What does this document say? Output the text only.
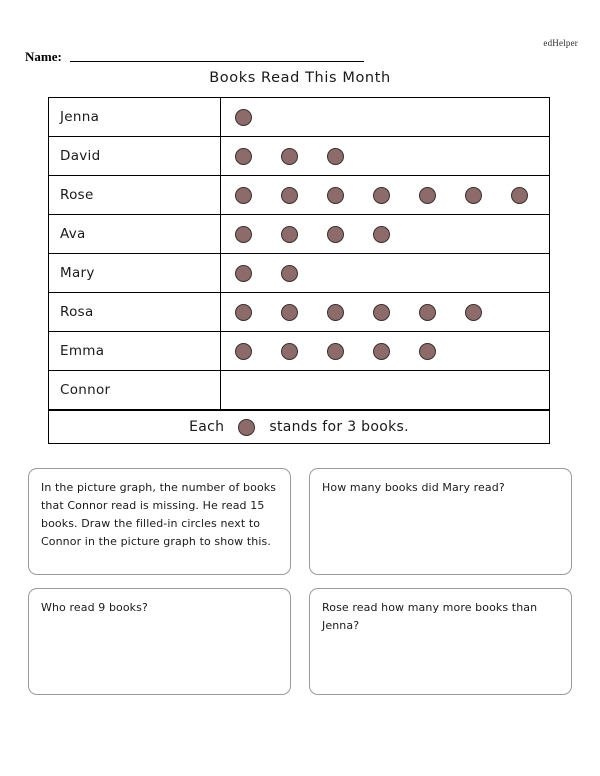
edHelper
Name:
Books Read This Month
Jenna
David
Rose
Ava
Mary
Rosa
Emma
Connor
Each	stands for 3 books.
In the picture graph, the number of books that Connor read is missing. He read 15 books. Draw the filled-in circles next to Connor in the picture graph to show this.
How many books did Mary read?
Who read 9 books?	Rose read how many more books than Jenna?
